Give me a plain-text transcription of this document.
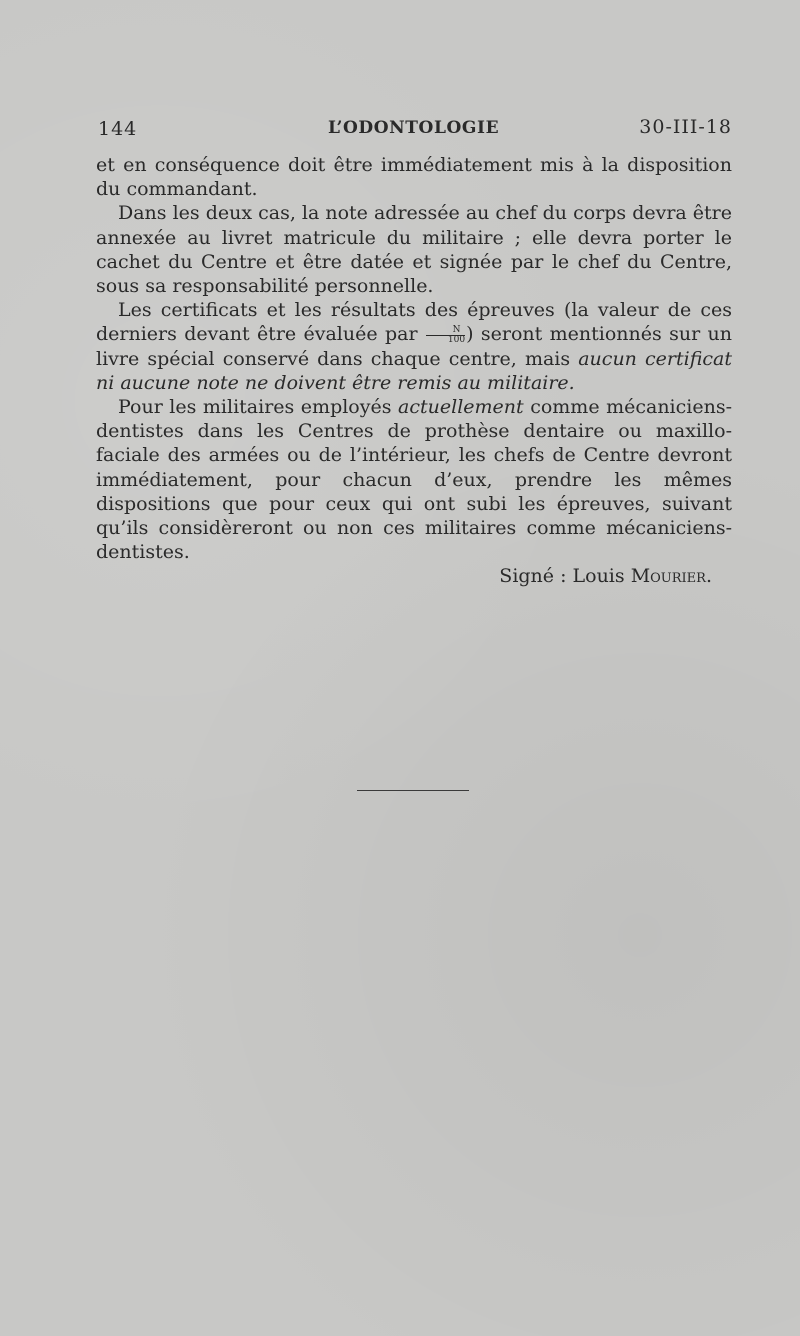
144	L’ODONTOLOGIE	30-III-18

et en conséquence doit être immédiatement mis à la disposition du commandant.

Dans les deux cas, la note adressée au chef du corps devra être annexée au livret matricule du militaire ; elle devra porter le cachet du Centre et être datée et signée par le chef du Centre, sous sa responsabilité personnelle.

Les certificats et les résultats des épreuves (la valeur de ces derniers devant être évaluée par $\frac{N}{100}$ ) seront mentionnés sur un livre spécial conservé dans chaque centre, mais aucun certificat ni aucune note ne doivent être remis au militaire.

Pour les militaires employés actuellement comme mécaniciens-dentistes dans les Centres de prothèse dentaire ou maxillo-faciale des armées ou de l’intérieur, les chefs de Centre devront immédiatement, pour chacun d’eux, prendre les mêmes dispositions que pour ceux qui ont subi les épreuves, suivant qu’ils considèreront ou non ces militaires comme mécaniciens-dentistes.

Signé : Louis Mourier.
